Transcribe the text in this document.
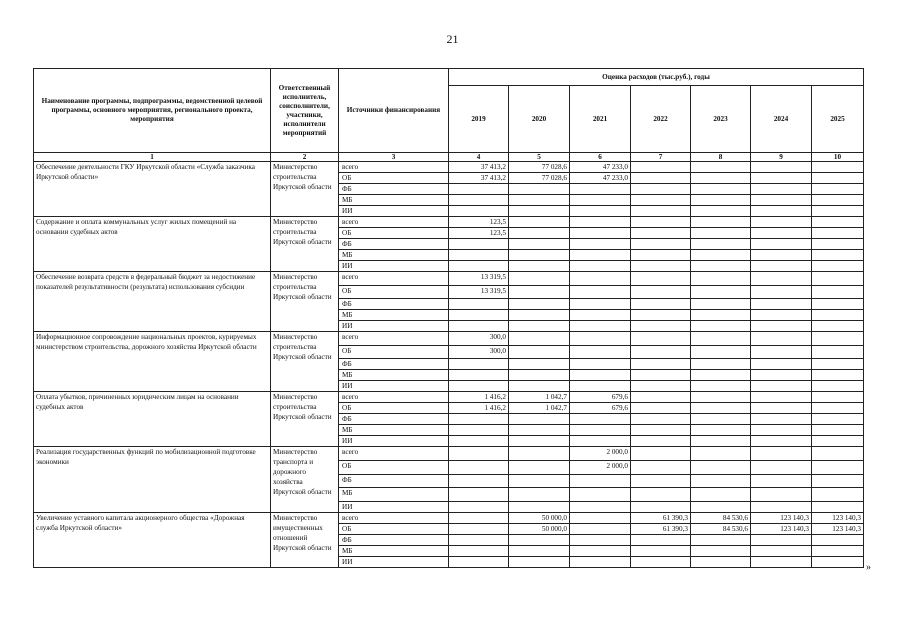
21
Наименование программы, подпрограммы, ведомственной целевой программы, основного мероприятия, регионального проекта, мероприятия	Ответственный исполнитель, соисполнители, участники, исполнители мероприятий	Источники финансирования	Оценка расходов (тыс.руб.), годы						
			2019	2020	2021	2022	2023	2024	2025
1	2	3	4	5	6	7	8	9	10
Обеспечение деятельности ГКУ Иркутской области «Служба заказчика Иркутской области»	Министерство строительства Иркутской области	всего	37 413,2	77 028,6	47 233,0				
		ОБ	37 413,2	77 028,6	47 233,0				
		ФБ							
		МБ							
		ИИ							
Содержание и оплата коммунальных услуг жилых помещений на основании судебных актов	Министерство строительства Иркутской области	всего	123,5						
		ОБ	123,5						
		ФБ							
		МБ							
		ИИ							
Обеспечение возврата средств в федеральный бюджет за недостижение показателей результативности (результата) использования субсидии	Министерство строительства Иркутской области	всего	13 319,5						
		ОБ	13 319,5						
		ФБ							
		МБ							
		ИИ							
Информационное сопровождение национальных проектов, курируемых министерством строительства, дорожного хозяйства Иркутской области	Министерство строительства Иркутской области	всего	300,0						
		ОБ	300,0						
		ФБ							
		МБ							
		ИИ							
Оплата убытков, причиненных юридическим лицам на основании судебных актов	Министерство строительства Иркутской области	всего	1 416,2	1 042,7	679,6				
		ОБ	1 416,2	1 042,7	679,6				
		ФБ							
		МБ							
		ИИ							
Реализация государственных функций по мобилизационной подготовке экономики	Министерство транспорта и дорожного хозяйства Иркутской области	всего			2 000,0				
		ОБ			2 000,0				
		ФБ							
		МБ							
		ИИ							
Увеличение уставного капитала акционерного общества «Дорожная служба Иркутской области»	Министерство имущественных отношений Иркутской области	всего		50 000,0		61 390,3	84 530,6	123 140,3	123 140,3
		ОБ		50 000,0		61 390,3	84 530,6	123 140,3	123 140,3
		ФБ							
		МБ							
		ИИ								»
